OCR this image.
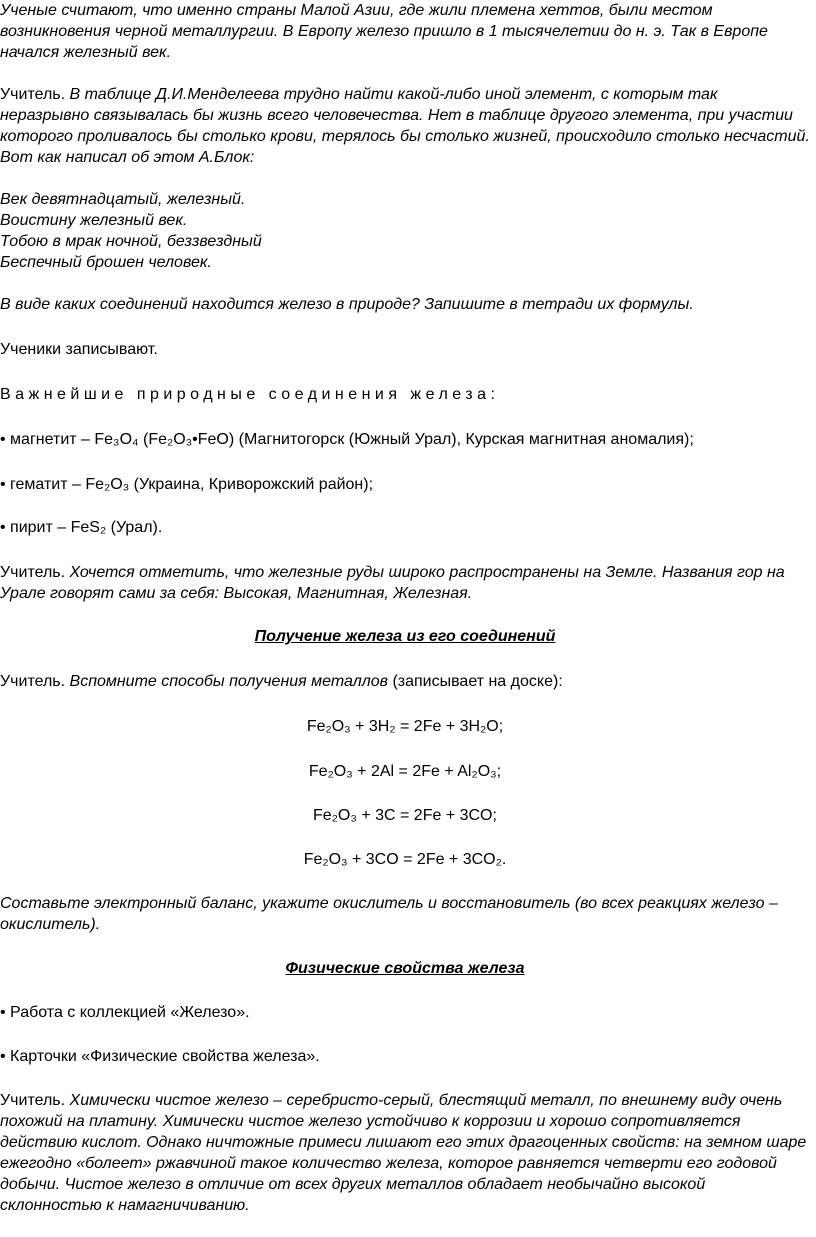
Ученые считают, что именно страны Малой Азии, где жили племена хеттов, были местом возникновения черной металлургии. В Европу железо пришло в 1 тысячелетии до н. э. Так в Европе начался железный век.

Учитель. В таблице Д.И.Менделеева трудно найти какой-либо иной элемент, с которым так неразрывно связывалась бы жизнь всего человечества. Нет в таблице другого элемента, при участии которого проливалось бы столько крови, терялось бы столько жизней, происходило столько несчастий. Вот как написал об этом А.Блок:

Век девятнадцатый, железный.
Воистину железный век.
Тобою в мрак ночной, беззвездный
Беспечный брошен человек.

В виде каких соединений находится железо в природе? Запишите в тетради их формулы.

Ученики записывают.

Важнейшие природные соединения железа:

• магнетит – Fe₃O₄ (Fe₂O₃•FeO) (Магнитогорск (Южный Урал), Курская магнитная аномалия);

• гематит – Fe₂O₃ (Украина, Криворожский район);

• пирит – FeS₂ (Урал).

Учитель. Хочется отметить, что железные руды широко распространены на Земле. Названия гор на Урале говорят сами за себя: Высокая, Магнитная, Железная.

Получение железа из его соединений

Учитель. Вспомните способы получения металлов (записывает на доске):

Fe₂O₃ + 3H₂ = 2Fe + 3H₂O;

Fe₂O₃ + 2Al = 2Fe + Al₂O₃;

Fe₂O₃ + 3C = 2Fe + 3CO;

Fe₂O₃ + 3CO = 2Fe + 3CO₂.

Составьте электронный баланс, укажите окислитель и восстановитель (во всех реакциях железо – окислитель).

Физические свойства железа

• Работа с коллекцией «Железо».

• Карточки «Физические свойства железа».

Учитель. Химически чистое железо – серебристо-серый, блестящий металл, по внешнему виду очень похожий на платину. Химически чистое железо устойчиво к коррозии и хорошо сопротивляется действию кислот. Однако ничтожные примеси лишают его этих драгоценных свойств: на земном шаре ежегодно «болеет» ржавчиной такое количество железа, которое равняется четверти его годовой добычи. Чистое железо в отличие от всех других металлов обладает необычайно высокой склонностью к намагничиванию.
